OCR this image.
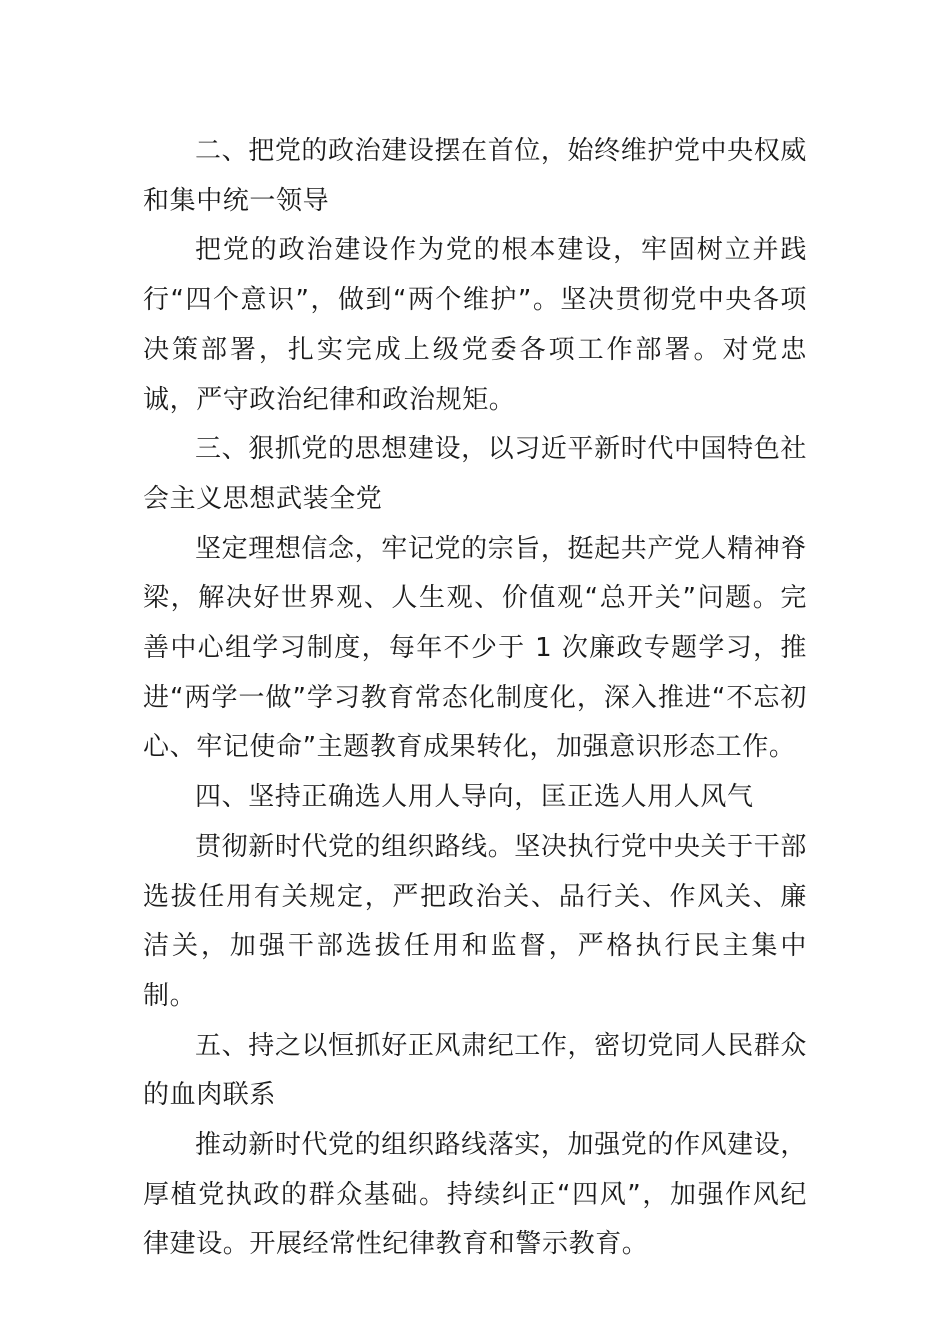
二、把党的政治建设摆在首位，始终维护党中央权威和集中统一领导

把党的政治建设作为党的根本建设，牢固树立并践行“四个意识”，做到“两个维护”。坚决贯彻党中央各项决策部署，扎实完成上级党委各项工作部署。对党忠诚，严守政治纪律和政治规矩。

三、狠抓党的思想建设，以习近平新时代中国特色社会主义思想武装全党

坚定理想信念，牢记党的宗旨，挺起共产党人精神脊梁，解决好世界观、人生观、价值观“总开关”问题。完善中心组学习制度，每年不少于 1 次廉政专题学习，推进“两学一做”学习教育常态化制度化，深入推进“不忘初心、牢记使命”主题教育成果转化，加强意识形态工作。

四、坚持正确选人用人导向，匡正选人用人风气

贯彻新时代党的组织路线。坚决执行党中央关于干部选拔任用有关规定，严把政治关、品行关、作风关、廉洁关，加强干部选拔任用和监督，严格执行民主集中制。

五、持之以恒抓好正风肃纪工作，密切党同人民群众的血肉联系

推动新时代党的组织路线落实，加强党的作风建设，厚植党执政的群众基础。持续纠正“四风”，加强作风纪律建设。开展经常性纪律教育和警示教育。
